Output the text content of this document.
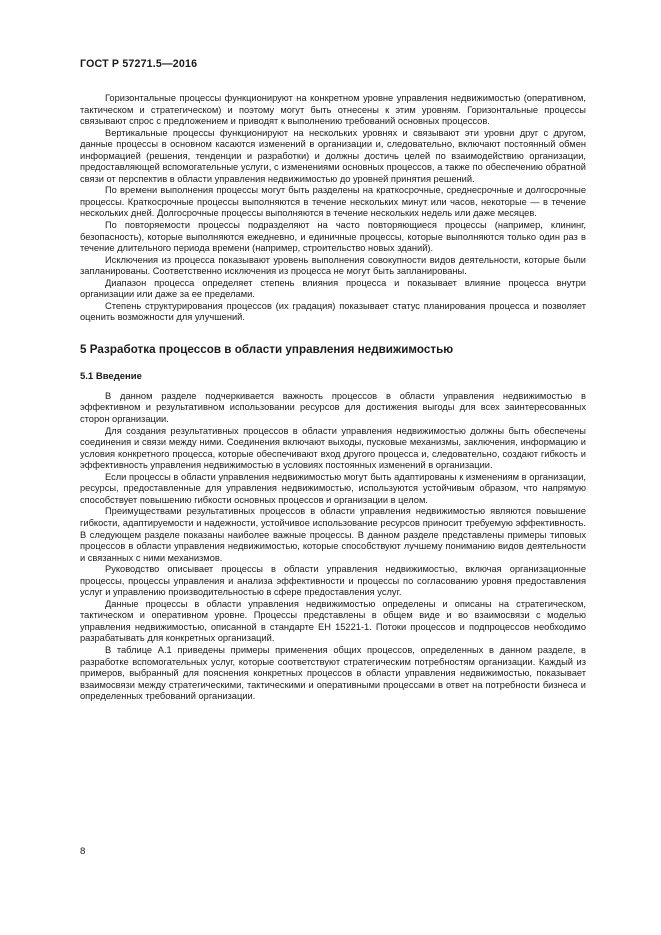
ГОСТ Р 57271.5—2016

Горизонтальные процессы функционируют на конкретном уровне управления недвижимостью (оперативном, тактическом и стратегическом) и поэтому могут быть отнесены к этим уровням. Горизонтальные процессы связывают спрос с предложением и приводят к выполнению требований основных процессов.

Вертикальные процессы функционируют на нескольких уровнях и связывают эти уровни друг с другом, данные процессы в основном касаются изменений в организации и, следовательно, включают постоянный обмен информацией (решения, тенденции и разработки) и должны достичь целей по взаимодействию организации, предоставляющей вспомогательные услуги, с изменениями основных процессов, а также по обеспечению обратной связи от перспектив в области управления недвижимостью до уровней принятия решений.

По времени выполнения процессы могут быть разделены на краткосрочные, среднесрочные и долгосрочные процессы. Краткосрочные процессы выполняются в течение нескольких минут или часов, некоторые — в течение нескольких дней. Долгосрочные процессы выполняются в течение нескольких недель или даже месяцев.

По повторяемости процессы подразделяют на часто повторяющиеся процессы (например, клининг, безопасность), которые выполняются ежедневно, и единичные процессы, которые выполняются только один раз в течение длительного периода времени (например, строительство новых зданий).

Исключения из процесса показывают уровень выполнения совокупности видов деятельности, которые были запланированы. Соответственно исключения из процесса не могут быть запланированы.

Диапазон процесса определяет степень влияния процесса и показывает влияние процесса внутри организации или даже за ее пределами.

Степень структурирования процессов (их градация) показывает статус планирования процесса и позволяет оценить возможности для улучшений.

5 Разработка процессов в области управления недвижимостью
5.1 Введение

В данном разделе подчеркивается важность процессов в области управления недвижимостью в эффективном и результативном использовании ресурсов для достижения выгоды для всех заинтересованных сторон организации.

Для создания результативных процессов в области управления недвижимостью должны быть обеспечены соединения и связи между ними. Соединения включают выходы, пусковые механизмы, заключения, информацию и условия конкретного процесса, которые обеспечивают вход другого процесса и, следовательно, создают гибкость и эффективность управления недвижимостью в условиях постоянных изменений в организации.

Если процессы в области управления недвижимостью могут быть адаптированы к изменениям в организации, ресурсы, предоставленные для управления недвижимостью, используются устойчивым образом, что напрямую способствует повышению гибкости основных процессов и организации в целом.

Преимуществами результативных процессов в области управления недвижимостью являются повышение гибкости, адаптируемости и надежности, устойчивое использование ресурсов приносит требуемую эффективность. В следующем разделе показаны наиболее важные процессы. В данном разделе представлены примеры типовых процессов в области управления недвижимостью, которые способствуют лучшему пониманию видов деятельности и связанных с ними механизмов.

Руководство описывает процессы в области управления недвижимостью, включая организационные процессы, процессы управления и анализа эффективности и процессы по согласованию уровня предоставления услуг и управлению производительностью в сфере предоставления услуг.

Данные процессы в области управления недвижимостью определены и описаны на стратегическом, тактическом и оперативном уровне. Процессы представлены в общем виде и во взаимосвязи с моделью управления недвижимостью, описанной в стандарте ЕН 15221-1. Потоки процессов и подпроцессов необходимо разрабатывать для конкретных организаций.

В таблице А.1 приведены примеры применения общих процессов, определенных в данном разделе, в разработке вспомогательных услуг, которые соответствуют стратегическим потребностям организации. Каждый из примеров, выбранный для пояснения конкретных процессов в области управления недвижимостью, показывает взаимосвязи между стратегическими, тактическими и оперативными процессами в ответ на потребности бизнеса и определенных требований организации.

8
